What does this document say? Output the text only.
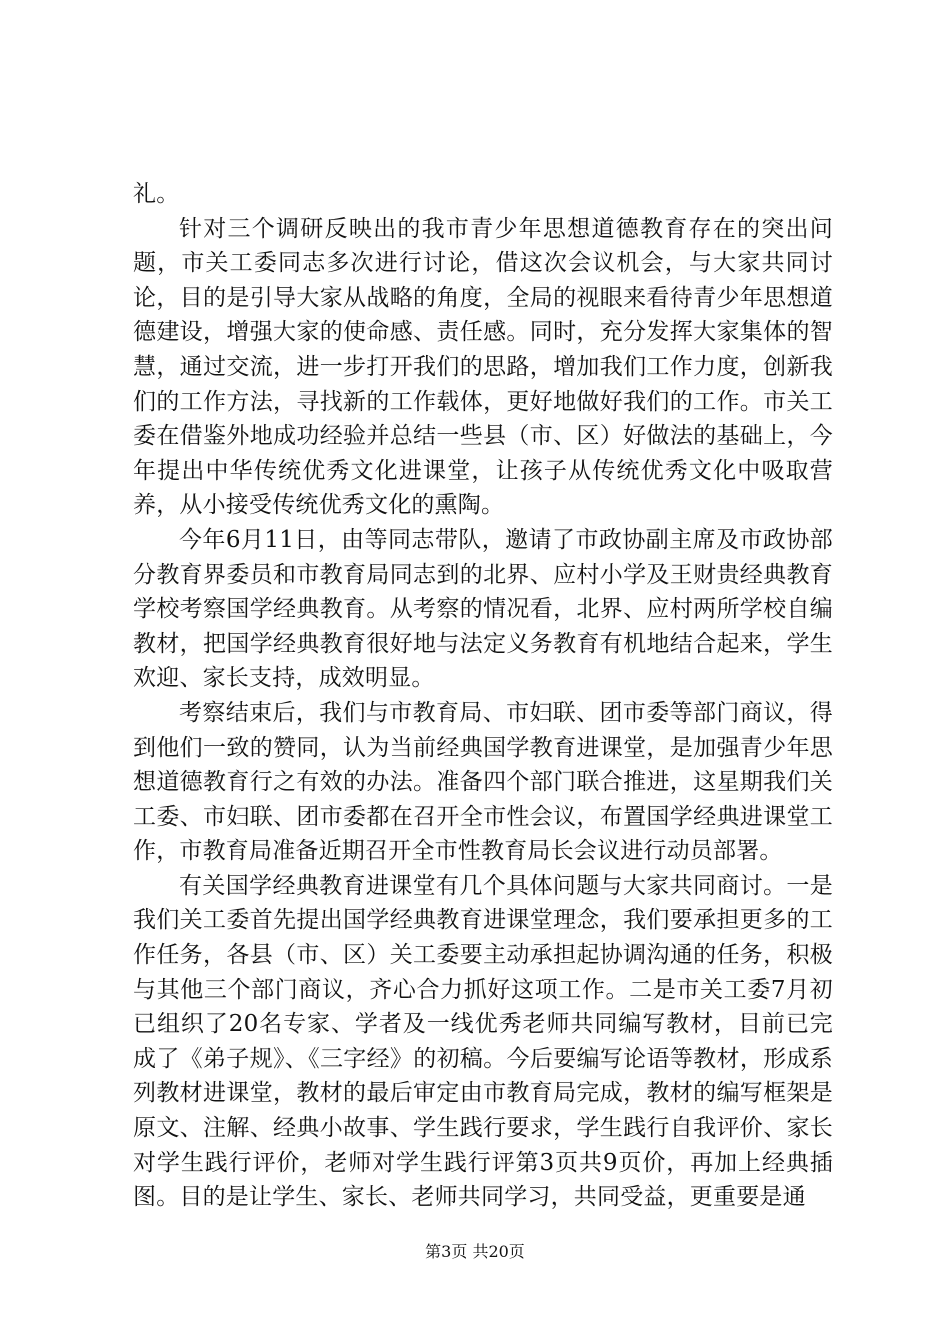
礼。

针对三个调研反映出的我市青少年思想道德教育存在的突出问题，市关工委同志多次进行讨论，借这次会议机会，与大家共同讨论，目的是引导大家从战略的角度，全局的视眼来看待青少年思想道德建设，增强大家的使命感、责任感。同时，充分发挥大家集体的智慧，通过交流，进一步打开我们的思路，增加我们工作力度，创新我们的工作方法，寻找新的工作载体，更好地做好我们的工作。市关工委在借鉴外地成功经验并总结一些县（市、区）好做法的基础上，今年提出中华传统优秀文化进课堂，让孩子从传统优秀文化中吸取营养，从小接受传统优秀文化的熏陶。

今年6月11日，由等同志带队，邀请了市政协副主席及市政协部分教育界委员和市教育局同志到的北界、应村小学及王财贵经典教育学校考察国学经典教育。从考察的情况看，北界、应村两所学校自编教材，把国学经典教育很好地与法定义务教育有机地结合起来，学生欢迎、家长支持，成效明显。

考察结束后，我们与市教育局、市妇联、团市委等部门商议，得到他们一致的赞同，认为当前经典国学教育进课堂，是加强青少年思想道德教育行之有效的办法。准备四个部门联合推进，这星期我们关工委、市妇联、团市委都在召开全市性会议，布置国学经典进课堂工作，市教育局准备近期召开全市性教育局长会议进行动员部署。

有关国学经典教育进课堂有几个具体问题与大家共同商讨。一是我们关工委首先提出国学经典教育进课堂理念，我们要承担更多的工作任务，各县（市、区）关工委要主动承担起协调沟通的任务，积极与其他三个部门商议，齐心合力抓好这项工作。二是市关工委7月初已组织了20名专家、学者及一线优秀老师共同编写教材，目前已完成了《弟子规》、《三字经》的初稿。今后要编写论语等教材，形成系列教材进课堂，教材的最后审定由市教育局完成，教材的编写框架是原文、注解、经典小故事、学生践行要求，学生践行自我评价、家长对学生践行评价，老师对学生践行评第3页共9页价，再加上经典插图。目的是让学生、家长、老师共同学习，共同受益，更重要是通

第3页 共20页
